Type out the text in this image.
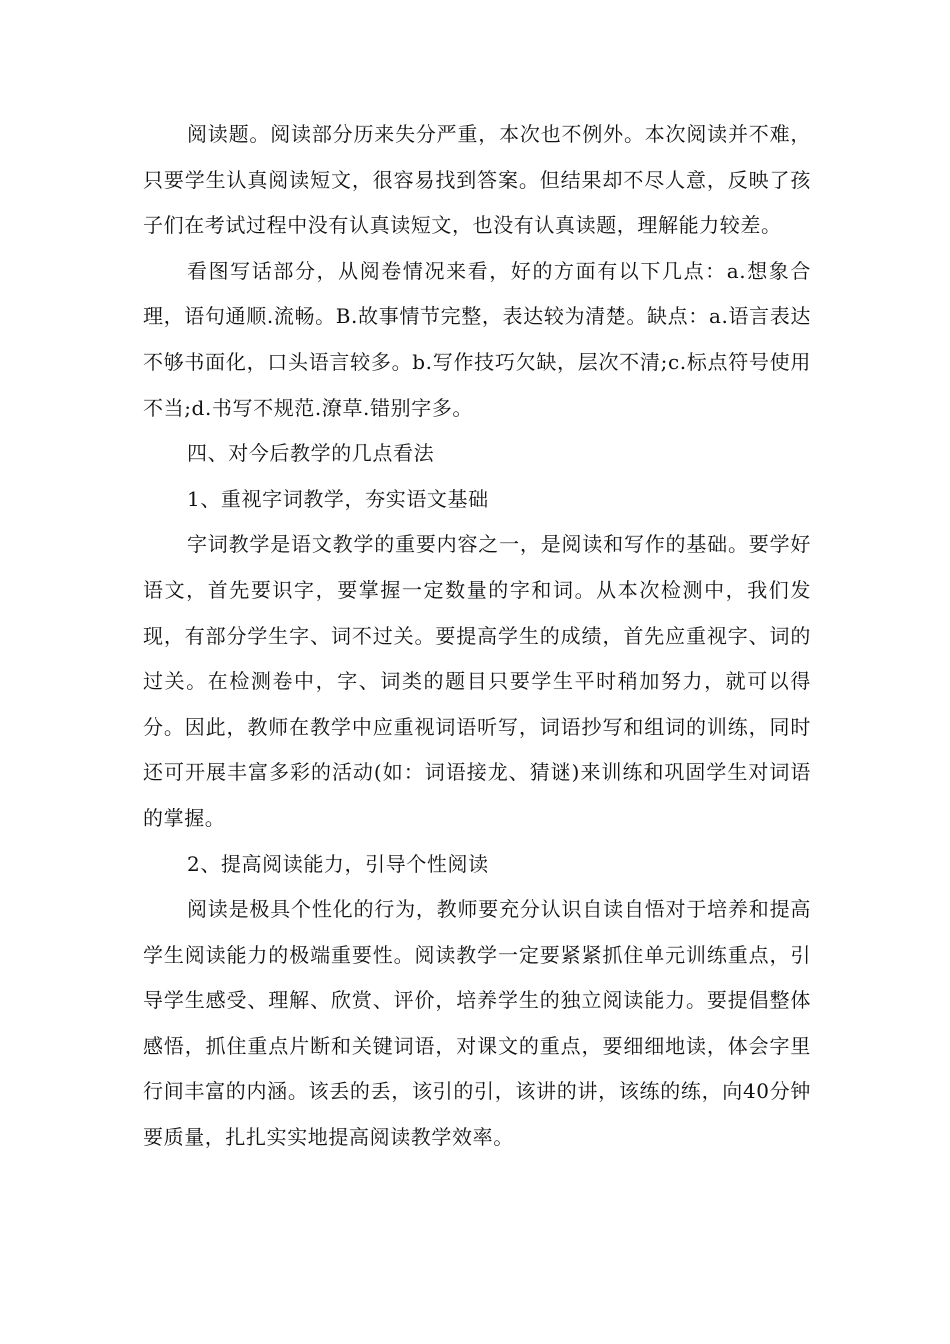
阅读题。阅读部分历来失分严重，本次也不例外。本次阅读并不难，只要学生认真阅读短文，很容易找到答案。但结果却不尽人意，反映了孩子们在考试过程中没有认真读短文，也没有认真读题，理解能力较差。

看图写话部分，从阅卷情况来看，好的方面有以下几点：a.想象合理，语句通顺.流畅。B.故事情节完整，表达较为清楚。缺点：a.语言表达不够书面化，口头语言较多。b.写作技巧欠缺，层次不清;c.标点符号使用不当;d.书写不规范.潦草.错别字多。

四、对今后教学的几点看法

1、重视字词教学，夯实语文基础

字词教学是语文教学的重要内容之一，是阅读和写作的基础。要学好语文，首先要识字，要掌握一定数量的字和词。从本次检测中，我们发现，有部分学生字、词不过关。要提高学生的成绩，首先应重视字、词的过关。在检测卷中，字、词类的题目只要学生平时稍加努力，就可以得分。因此，教师在教学中应重视词语听写，词语抄写和组词的训练，同时还可开展丰富多彩的活动(如：词语接龙、猜谜)来训练和巩固学生对词语的掌握。

2、提高阅读能力，引导个性阅读

阅读是极具个性化的行为，教师要充分认识自读自悟对于培养和提高学生阅读能力的极端重要性。阅读教学一定要紧紧抓住单元训练重点，引导学生感受、理解、欣赏、评价，培养学生的独立阅读能力。要提倡整体感悟，抓住重点片断和关键词语，对课文的重点，要细细地读，体会字里行间丰富的内涵。该丢的丢，该引的引，该讲的讲，该练的练，向40分钟要质量，扎扎实实地提高阅读教学效率。
